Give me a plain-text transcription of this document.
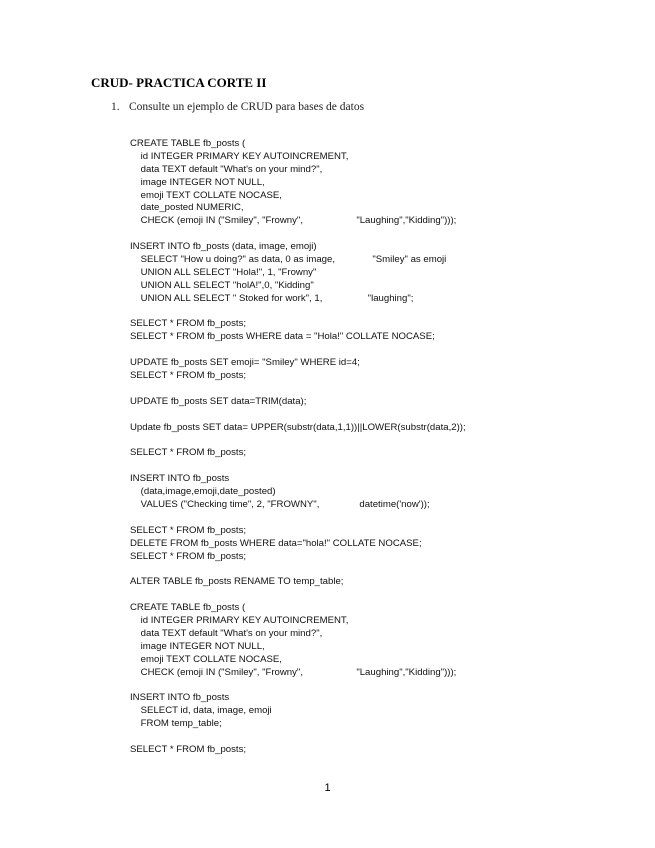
CRUD- PRACTICA CORTE II
1. Consulte un ejemplo de CRUD para bases de datos
CREATE TABLE fb_posts (
id INTEGER PRIMARY KEY AUTOINCREMENT,
data TEXT default "What's on your mind?",
image INTEGER NOT NULL,
emoji TEXT COLLATE NOCASE,
date_posted NUMERIC,
CHECK (emoji IN ("Smiley", "Frowny",                    "Laughing","Kidding")));

INSERT INTO fb_posts (data, image, emoji)
SELECT "How u doing?" as data, 0 as image,              "Smiley" as emoji
UNION ALL SELECT "Hola!", 1, "Frowny"
UNION ALL SELECT "holA!",0, "Kidding"
UNION ALL SELECT " Stoked for work", 1,                 "laughing";

SELECT * FROM fb_posts;
SELECT * FROM fb_posts WHERE data = "Hola!" COLLATE NOCASE;

UPDATE fb_posts SET emoji= "Smiley" WHERE id=4;
SELECT * FROM fb_posts;

UPDATE fb_posts SET data=TRIM(data);

Update fb_posts SET data= UPPER(substr(data,1,1))||LOWER(substr(data,2));

SELECT * FROM fb_posts;

INSERT INTO fb_posts
(data,image,emoji,date_posted)
VALUES ("Checking time", 2, "FROWNY",               datetime('now'));

SELECT * FROM fb_posts;
DELETE FROM fb_posts WHERE data="hola!" COLLATE NOCASE;
SELECT * FROM fb_posts;

ALTER TABLE fb_posts RENAME TO temp_table;

CREATE TABLE fb_posts (
id INTEGER PRIMARY KEY AUTOINCREMENT,
data TEXT default "What's on your mind?",
image INTEGER NOT NULL,
emoji TEXT COLLATE NOCASE,
CHECK (emoji IN ("Smiley", "Frowny",                    "Laughing","Kidding")));

INSERT INTO fb_posts
SELECT id, data, image, emoji
FROM temp_table;

SELECT * FROM fb_posts;
1
